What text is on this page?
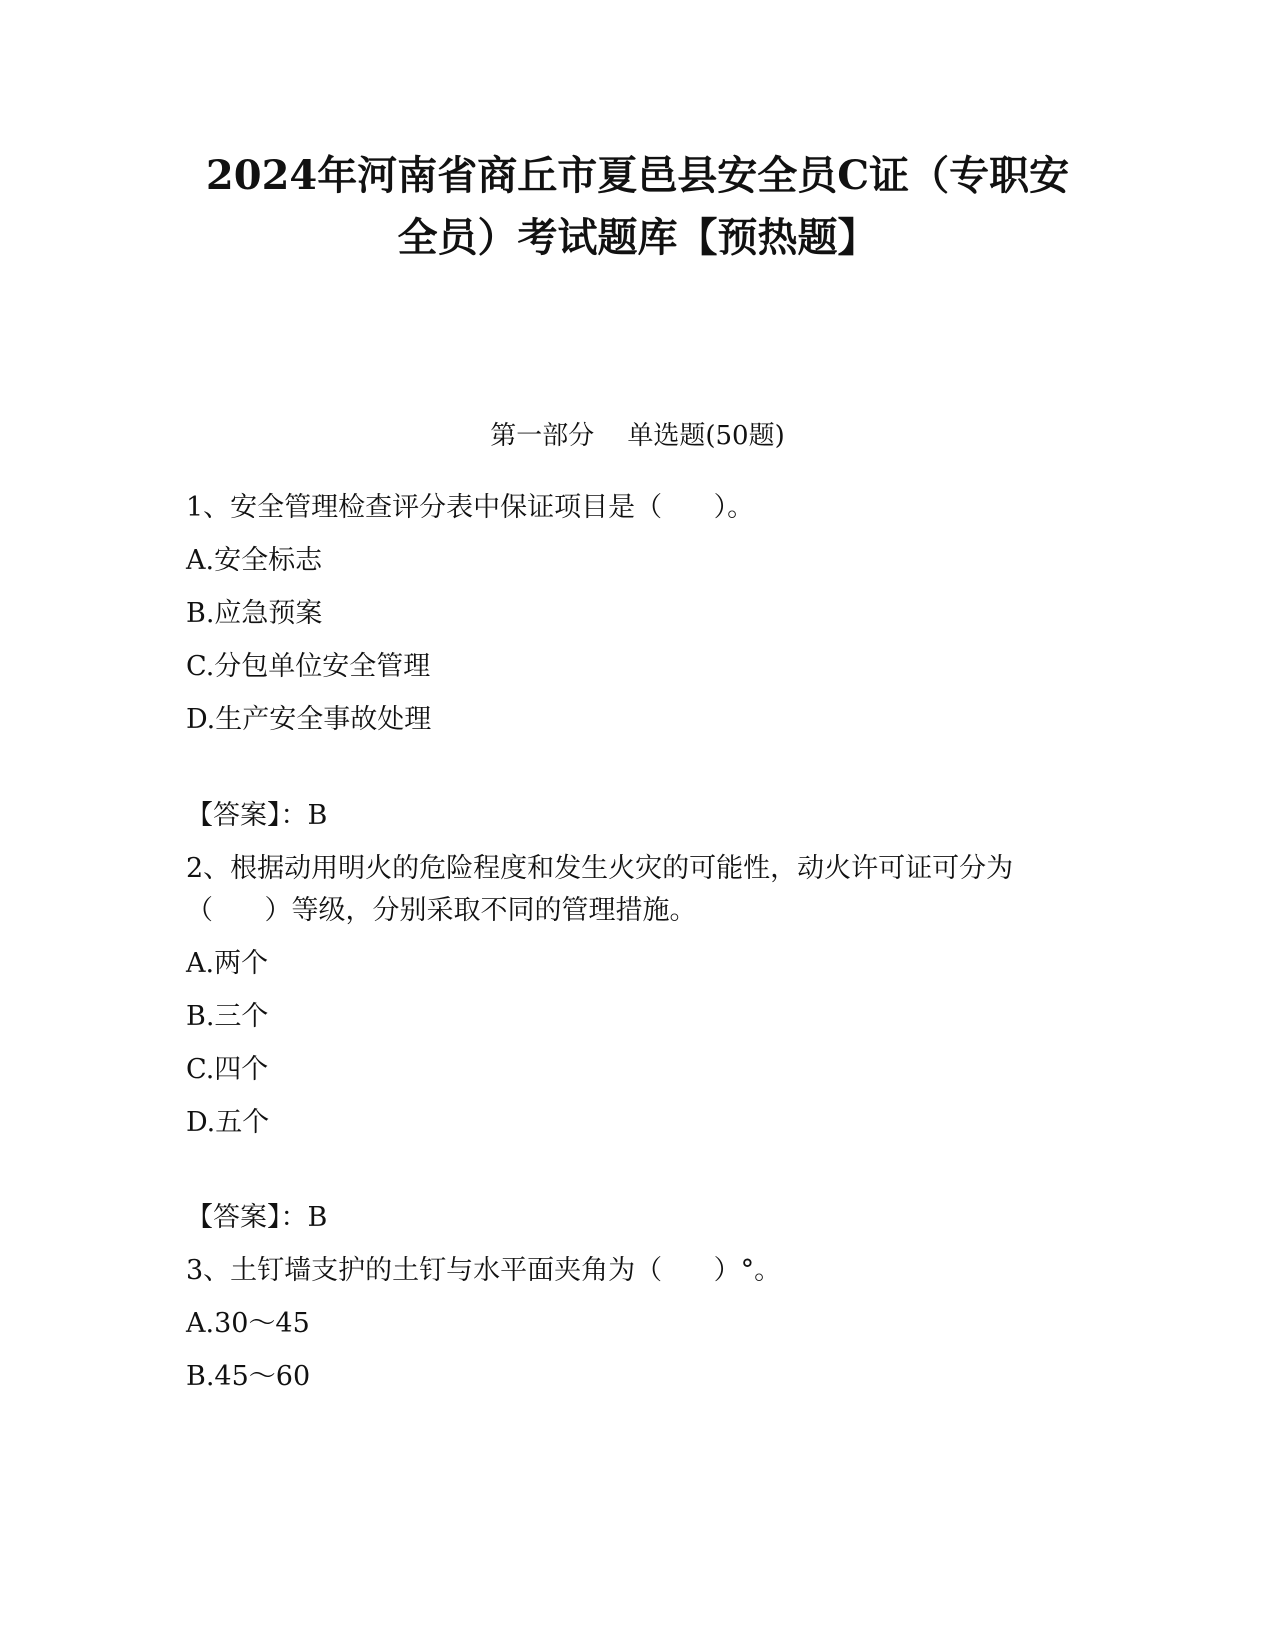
2024年河南省商丘市夏邑县安全员C证（专职安
全员）考试题库【预热题】
第一部分    单选题(50题)
1、安全管理检查评分表中保证项目是（      ）。
A.安全标志
B.应急预案
C.分包单位安全管理
D.生产安全事故处理
【答案】：B
2、根据动用明火的危险程度和发生火灾的可能性，动火许可证可分为
（      ）等级，分别采取不同的管理措施。
A.两个
B.三个
C.四个
D.五个
【答案】：B
3、土钉墙支护的土钉与水平面夹角为（      ）°。
A.30～45
B.45～60
